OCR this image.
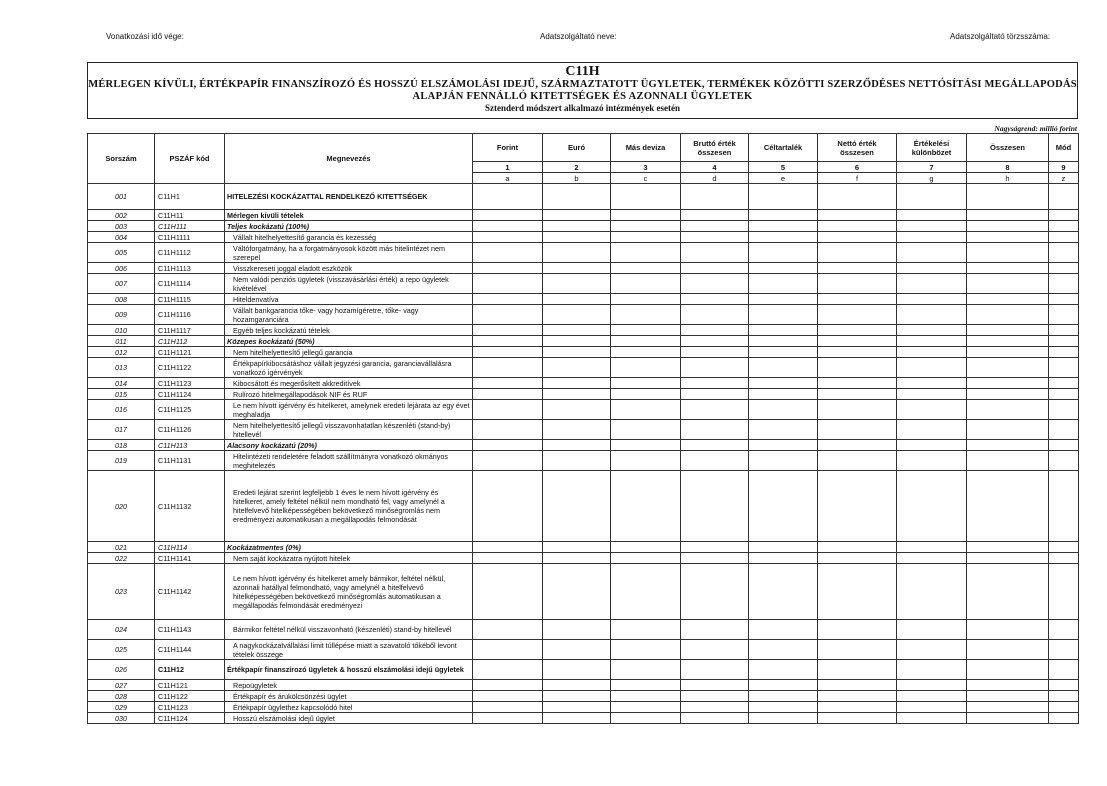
Vonatkozási idő vége:	Adatszolgáltató neve:	Adatszolgáltató törzsszáma:
C11H
MÉRLEGEN KÍVÜLI, ÉRTÉKPAPÍR FINANSZÍROZÓ ÉS HOSSZÚ ELSZÁMOLÁSI IDEJŰ, SZÁRMAZTATOTT ÜGYLETEK, TERMÉKEK KÖZÖTTI SZERZŐDÉSES NETTÓSÍTÁSI MEGÁLLAPODÁS
ALAPJÁN FENNÁLLÓ KITETTSÉGEK ÉS AZONNALI ÜGYLETEK
Sztenderd módszert alkalmazó intézmények esetén
Nagyságrend: millió forint
Sorszám	PSZÁF kód	Megnevezés	Forint	Euró	Más deviza	Bruttó érték összesen	Céltartalék	Nettó érték összesen	Értékelési különbözet	Összesen	Mód
			1	2	3	4	5	6	7	8	9
			a	b	c	d	e	f	g	h	z
001	C11H1	HITELEZÉSI KOCKÁZATTAL RENDELKEZŐ KITETTSÉGEK									
002	C11H11	Mérlegen kívüli tételek									
003	C11H111	Teljes kockázatú (100%)									
004	C11H1111	Vállalt hitelhelyettesítő garancia és kezesség									
005	C11H1112	Váltóforgatmány, ha a forgatmányosok között más hitelintézet nem szerepel									
006	C11H1113	Visszkereseti joggal eladott eszközök									
007	C11H1114	Nem valódi penziós ügyletek (visszavásárlási érték) a repo ügyletek kivételével									
008	C11H1115	Hiteldenvatíva									
009	C11H1116	Vállalt bankgarancia tőke- vagy hozamígéretre, tőke- vagy hozamgaranciára									
010	C11H1117	Egyéb teljes kockázatú tételek									
011	C11H112	Közepes kockázatú (50%)									
012	C11H1121	Nem hitelhelyettesítő jellegű garancia									
013	C11H1122	Értékpapírkibocsátáshoz vállalt jegyzési garancia, garanciavállalásra vonatkozó igérvények									
014	C11H1123	Kibocsátott és megerősített akkreditívek									
015	C11H1124	Rulírozó hitelmegállapodások NIF és RUF									
016	C11H1125	Le nem hívott igérvény és hitelkeret, amelynek eredeti lejárata az egy évet meghaladja									
017	C11H1126	Nem hitelhelyettesítő jellegű visszavonhatatlan készenléti (stand-by) hitellevél									
018	C11H113	Alacsony kockázatú (20%)									
019	C11H1131	Hitelintézeti rendeletére feladott szállítmányra vonatkozó okmányos meghitelezés									
020	C11H1132	Eredeti lejárat szerint legfeljebb 1 éves le nem hívott igérvény és hitelkeret, amely feltétel nélkül nem mondható fel, vagy amelynél a hitelfelvevő hitelképességében bekövetkező minőségromlás nem eredményezi automatikusan a megállapodás felmondását									
021	C11H114	Kockázatmentes (0%)									
022	C11H1141	Nem saját kockázatra nyújtott hitelek									
023	C11H1142	Le nem hívott igérvény és hitelkeret amely bármikor, feltétel nélkül, azonnali hatállyal felmondható, vagy amelynél a hitelfelvevő hitelképességében bekövetkező minőségromlás automatikusan a megállapodás felmondását eredményezi									
024	C11H1143	Bármikor feltétel nélkül visszavonható (készenléti) stand-by hitellevél									
025	C11H1144	A nagykockázatvállalási limit túllépése miatt a szavatoló tőkéből levont tételek összege									
026	C11H12	Értékpapír finanszírozó ügyletek & hosszú elszámolási idejű ügyletek									
027	C11H121	Repoügyletek									
028	C11H122	Értékpapír és árukölcsönzési ügylet									
029	C11H123	Értékpapír ügylethez kapcsolódó hitel									
030	C11H124	Hosszú elszámolási idejű ügylet									
